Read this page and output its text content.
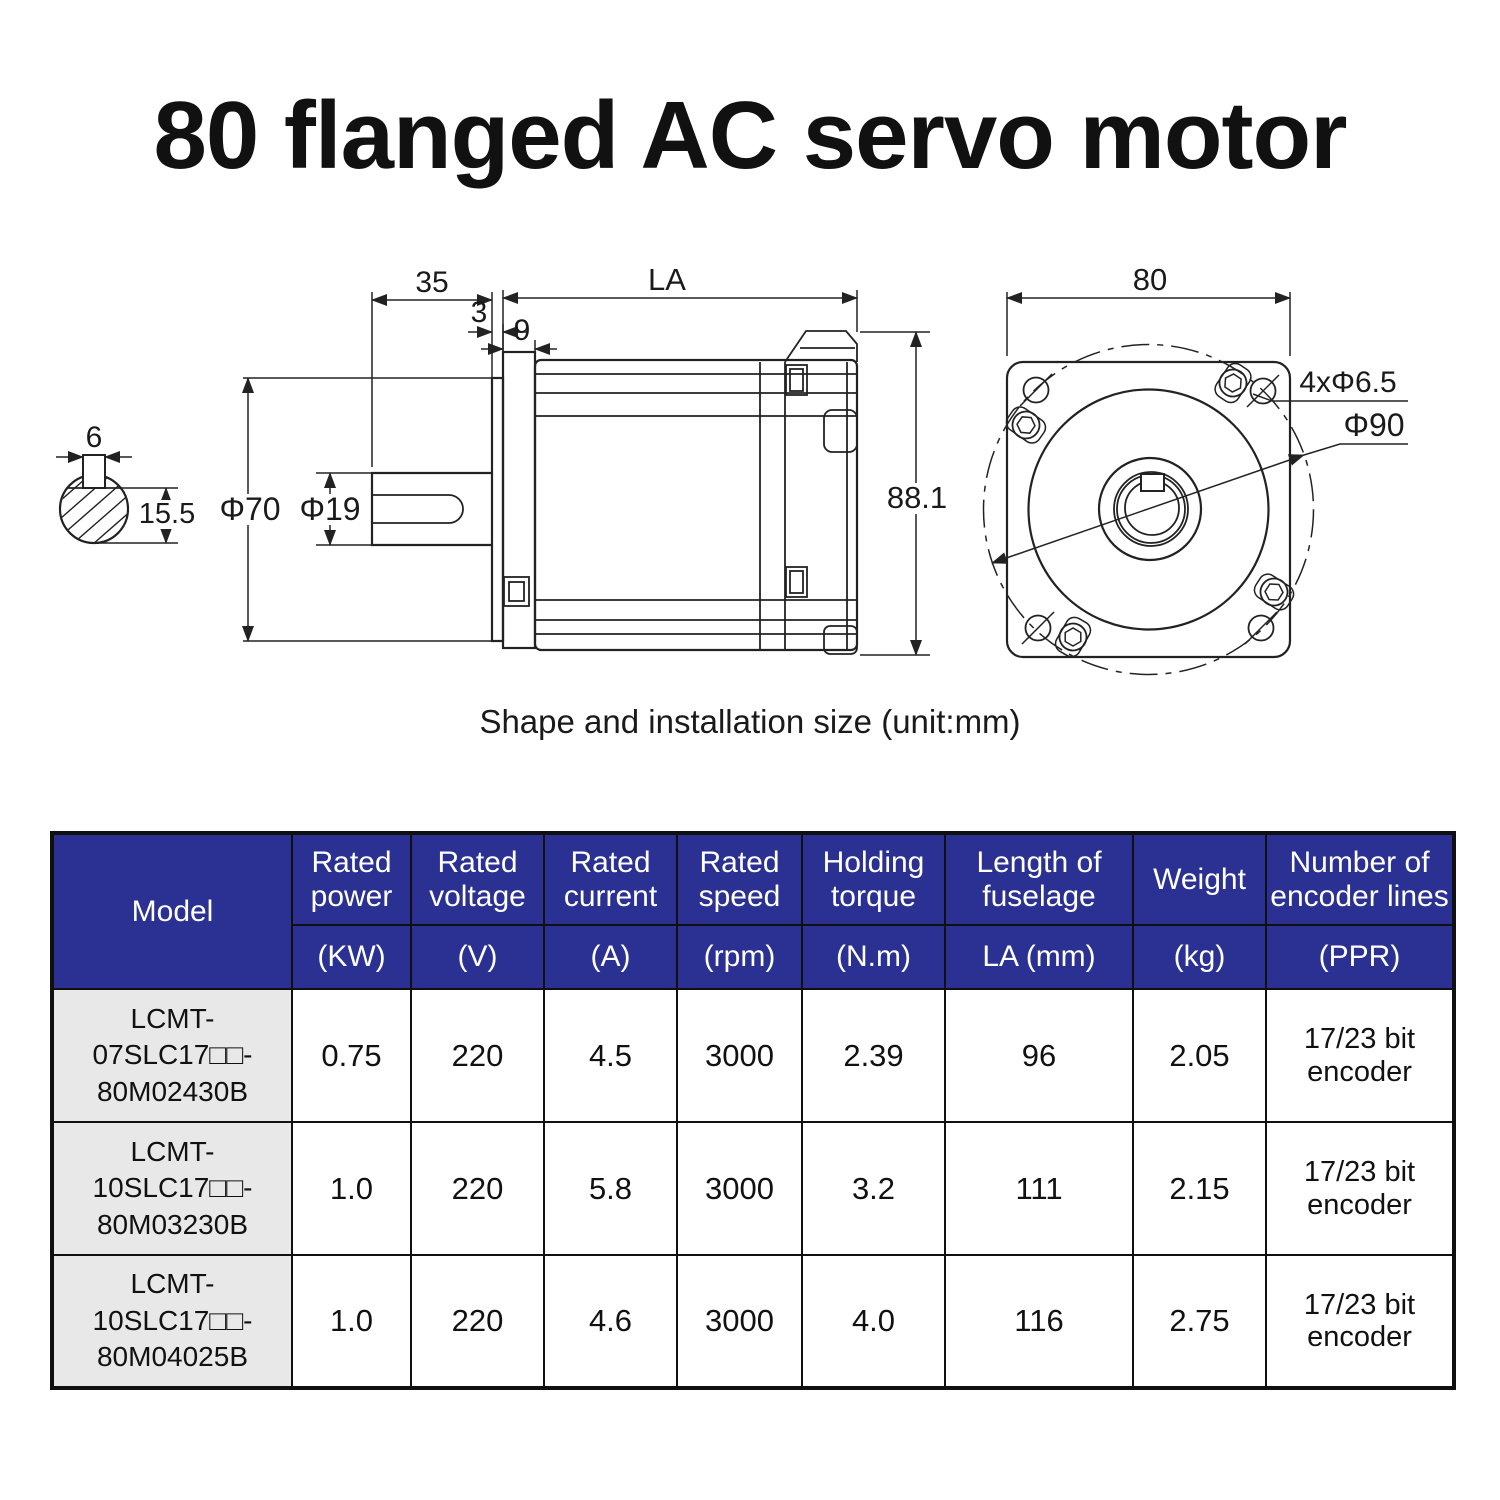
80 flanged AC servo motor
6
15.5 Φ70 Φ19
35
3
9
LA
88.1
80
4xΦ6.5
Φ90
Shape and installation size (unit:mm)
Model	Rated power	Rated voltage	Rated current	Rated speed	Holding torque	Length of fuselage	Weight	Number of encoder lines
	(KW)	(V)	(A)	(rpm)	(N.m)	LA (mm)	(kg)	(PPR)

LCMT-
07SLC17□□-
80M02430B	0.75	220	4.5	3000	2.39	96	2.05	17/23 bit encoder

LCMT-
10SLC17□□-
80M03230B	1.0	220	5.8	3000	3.2	111	2.15	17/23 bit encoder

LCMT-
10SLC17□□-
80M04025B	1.0	220	4.6	3000	4.0	116	2.75	17/23 bit encoder
